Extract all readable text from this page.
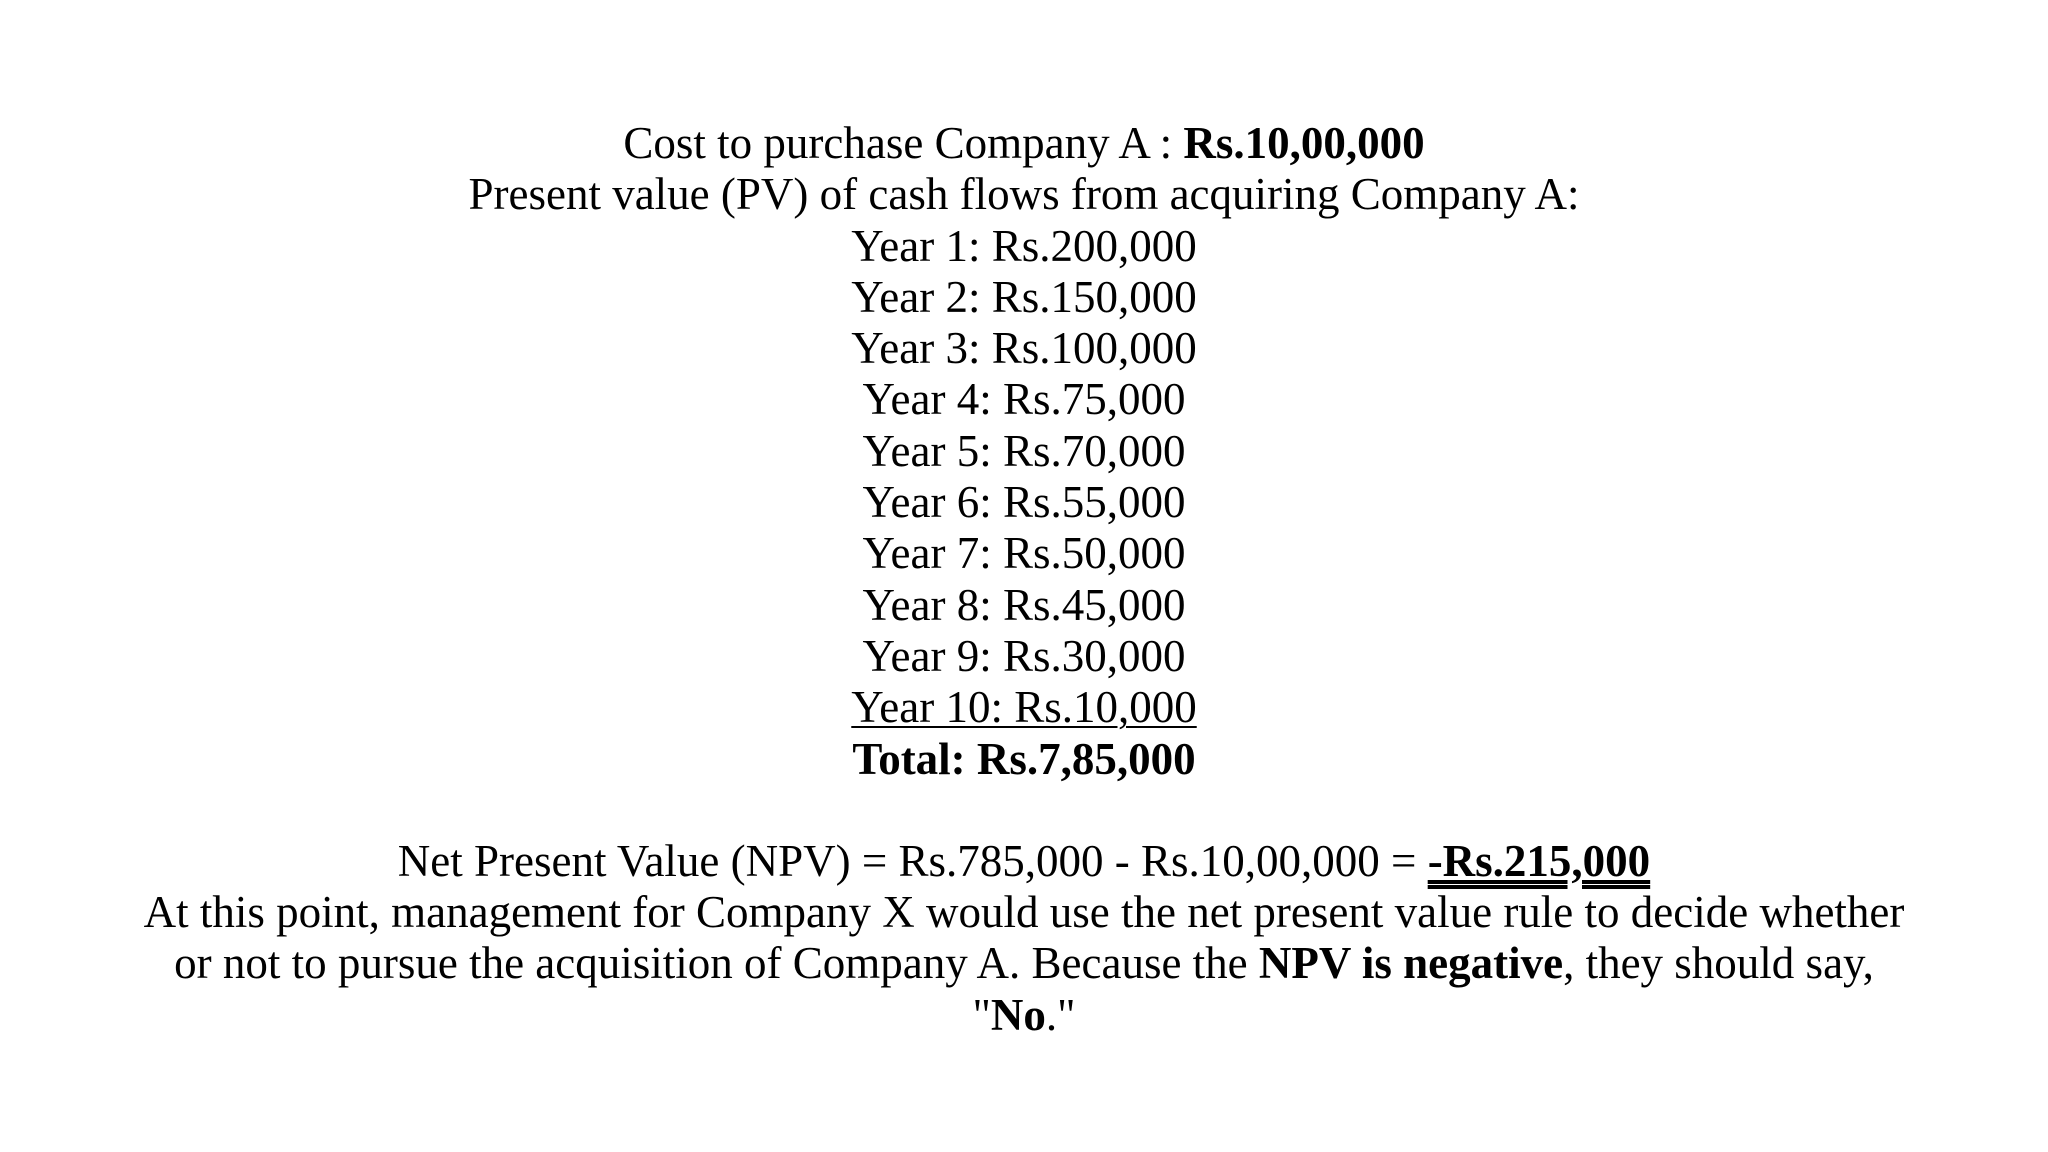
Cost to purchase Company A : Rs.10,00,000
Present value (PV) of cash flows from acquiring Company A:
Year 1: Rs.200,000
Year 2: Rs.150,000
Year 3: Rs.100,000
Year 4: Rs.75,000
Year 5: Rs.70,000
Year 6: Rs.55,000
Year 7: Rs.50,000
Year 8: Rs.45,000
Year 9: Rs.30,000
Year 10: Rs.10,000
Total: Rs.7,85,000
Net Present Value (NPV) = Rs.785,000 - Rs.10,00,000 = -Rs.215,000
At this point, management for Company X would use the net present value rule to decide whether or not to pursue the acquisition of Company A. Because the NPV is negative, they should say, "No."
